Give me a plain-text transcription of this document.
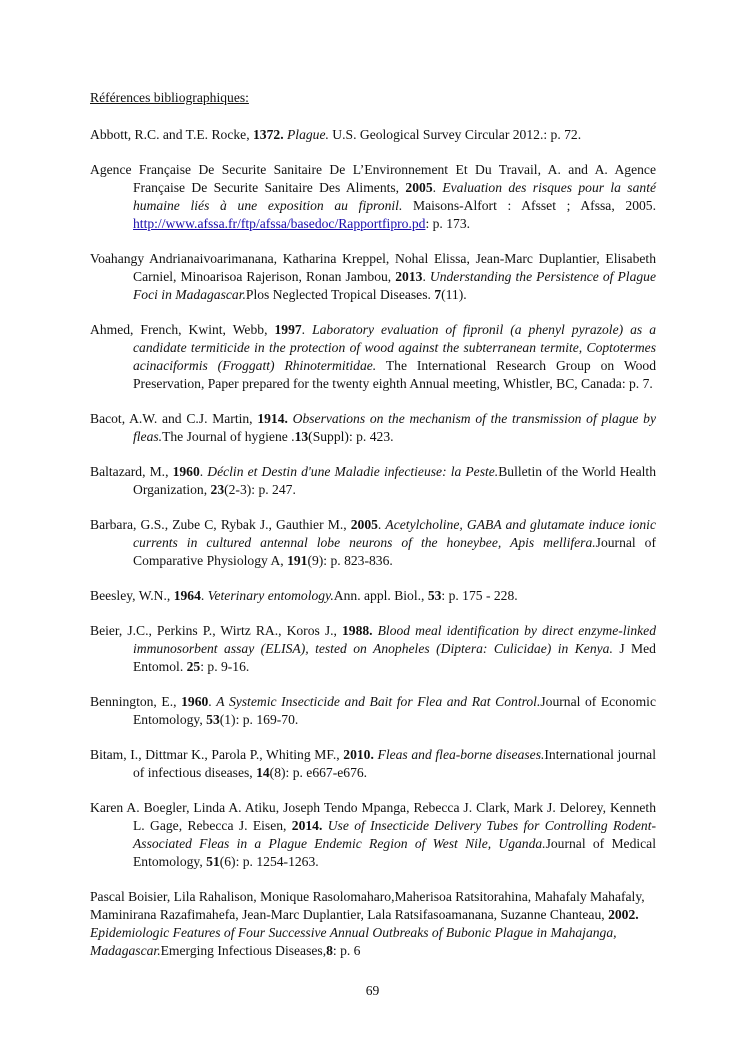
Références bibliographiques:

Abbott, R.C. and T.E. Rocke, 1372. Plague. U.S. Geological Survey Circular 2012.: p. 72.

Agence Française De Securite Sanitaire De L’Environnement Et Du Travail, A. and A. Agence Française De Securite Sanitaire Des Aliments, 2005. Evaluation des risques pour la santé humaine liés à une exposition au fipronil. Maisons-Alfort : Afsset ; Afssa, 2005. http://www.afssa.fr/ftp/afssa/basedoc/Rapportfipro.pd: p. 173.

Voahangy Andrianaivoarimanana, Katharina Kreppel, Nohal Elissa, Jean-Marc Duplantier, Elisabeth Carniel, Minoarisoa Rajerison, Ronan Jambou, 2013. Understanding the Persistence of Plague Foci in Madagascar.Plos Neglected Tropical Diseases. 7(11).

Ahmed, French, Kwint, Webb, 1997. Laboratory evaluation of fipronil (a phenyl pyrazole) as a candidate termiticide in the protection of wood against the subterranean termite, Coptotermes acinaciformis (Froggatt) Rhinotermitidae. The International Research Group on Wood Preservation, Paper prepared for the twenty eighth Annual meeting, Whistler, BC, Canada: p. 7.

Bacot, A.W. and C.J. Martin, 1914. Observations on the mechanism of the transmission of plague by fleas.The Journal of hygiene .13(Suppl): p. 423.

Baltazard, M., 1960. Déclin et Destin d'une Maladie infectieuse: la Peste.Bulletin of the World Health Organization, 23(2-3): p. 247.

Barbara, G.S., Zube C, Rybak J., Gauthier M., 2005. Acetylcholine, GABA and glutamate induce ionic currents in cultured antennal lobe neurons of the honeybee, Apis mellifera.Journal of Comparative Physiology A, 191(9): p. 823-836.

Beesley, W.N., 1964. Veterinary entomology.Ann. appl. Biol., 53: p. 175 - 228.

Beier, J.C., Perkins P., Wirtz RA., Koros J., 1988. Blood meal identification by direct enzyme-linked immunosorbent assay (ELISA), tested on Anopheles (Diptera: Culicidae) in Kenya. J Med Entomol. 25: p. 9-16.

Bennington, E., 1960. A Systemic Insecticide and Bait for Flea and Rat Control.Journal of Economic Entomology, 53(1): p. 169-70.

Bitam, I., Dittmar K., Parola P., Whiting MF., 2010. Fleas and flea-borne diseases.International journal of infectious diseases, 14(8): p. e667-e676.

Karen A. Boegler, Linda A. Atiku, Joseph Tendo Mpanga, Rebecca J. Clark, Mark J. Delorey, Kenneth L. Gage, Rebecca J. Eisen, 2014. Use of Insecticide Delivery Tubes for Controlling Rodent-Associated Fleas in a Plague Endemic Region of West Nile, Uganda.Journal of Medical Entomology, 51(6): p. 1254-1263.

Pascal Boisier, Lila Rahalison, Monique Rasolomaharo,Maherisoa Ratsitorahina, Mahafaly Mahafaly, Maminirana Razafimahefa, Jean-Marc Duplantier, Lala Ratsifasoamanana, Suzanne Chanteau, 2002. Epidemiologic Features of Four Successive Annual Outbreaks of Bubonic Plague in Mahajanga, Madagascar.Emerging Infectious Diseases,8: p. 6

69
